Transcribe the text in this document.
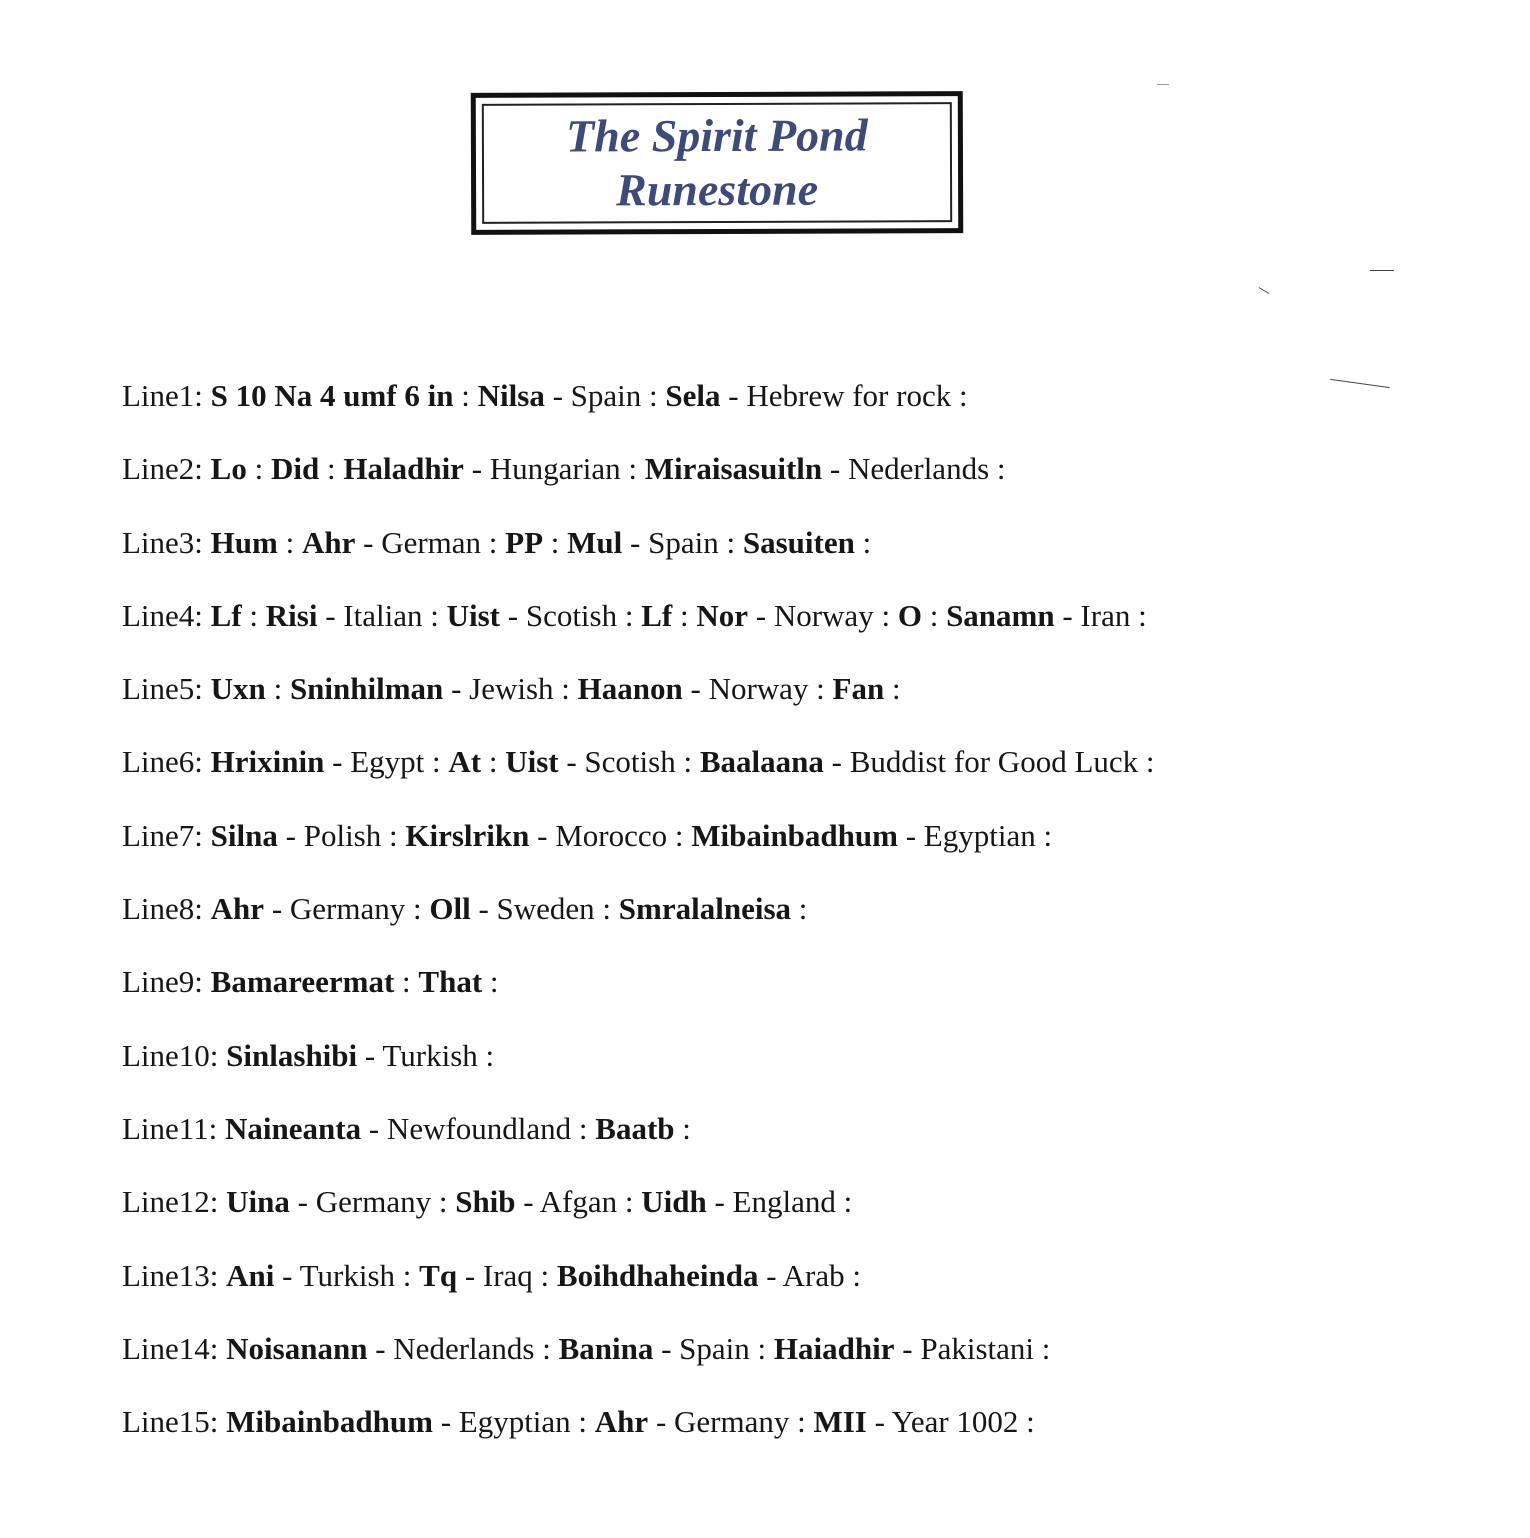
The Spirit Pond
Runestone
Line1: S 10 Na 4 umf 6 in : Nilsa - Spain : Sela - Hebrew for rock :
Line2: Lo : Did : Haladhir - Hungarian : Miraisasuitln - Nederlands :
Line3: Hum : Ahr - German : PP : Mul - Spain : Sasuiten :
Line4: Lf : Risi - Italian : Uist - Scotish : Lf : Nor - Norway : O : Sanamn - Iran :
Line5: Uxn : Sninhilman - Jewish : Haanon - Norway : Fan :
Line6: Hrixinin - Egypt : At : Uist - Scotish : Baalaana - Buddist for Good Luck :
Line7: Silna - Polish : Kirslrikn - Morocco : Mibainbadhum - Egyptian :
Line8: Ahr - Germany : Oll - Sweden : Smralalneisa :
Line9: Bamareermat : That :
Line10: Sinlashibi - Turkish :
Line11: Naineanta - Newfoundland : Baatb :
Line12: Uina - Germany : Shib - Afgan : Uidh - England :
Line13: Ani - Turkish : Tq - Iraq : Boihdhaheinda - Arab :
Line14: Noisanann - Nederlands : Banina - Spain : Haiadhir - Pakistani :
Line15: Mibainbadhum - Egyptian : Ahr - Germany : MII - Year 1002 :
